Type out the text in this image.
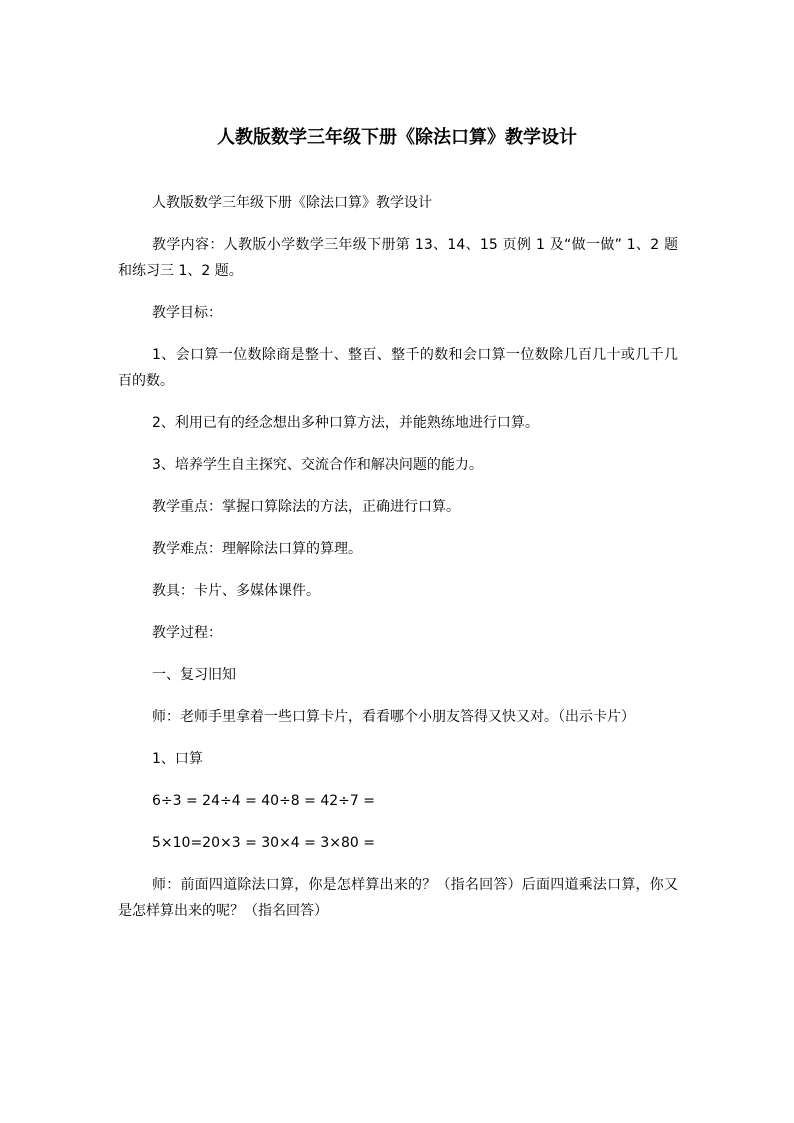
人教版数学三年级下册《除法口算》教学设计

人教版数学三年级下册《除法口算》教学设计

教学内容：人教版小学数学三年级下册第 13、14、15 页例 1 及“做一做” 1、2 题和练习三 1、2 题。

教学目标：

1、会口算一位数除商是整十、整百、整千的数和会口算一位数除几百几十或几千几百的数。

2、利用已有的经念想出多种口算方法，并能熟练地进行口算。

3、培养学生自主探究、交流合作和解决问题的能力。

教学重点：掌握口算除法的方法，正确进行口算。

教学难点：理解除法口算的算理。

教具：卡片、多媒体课件。

教学过程：

一、复习旧知

师：老师手里拿着一些口算卡片，看看哪个小朋友答得又快又对。（出示卡片）

1、口算

6÷3 = 24÷4 = 40÷8 = 42÷7 =

5×10=20×3 = 30×4 = 3×80 =

师：前面四道除法口算，你是怎样算出来的？（指名回答）后面四道乘法口算，你又是怎样算出来的呢？（指名回答）
